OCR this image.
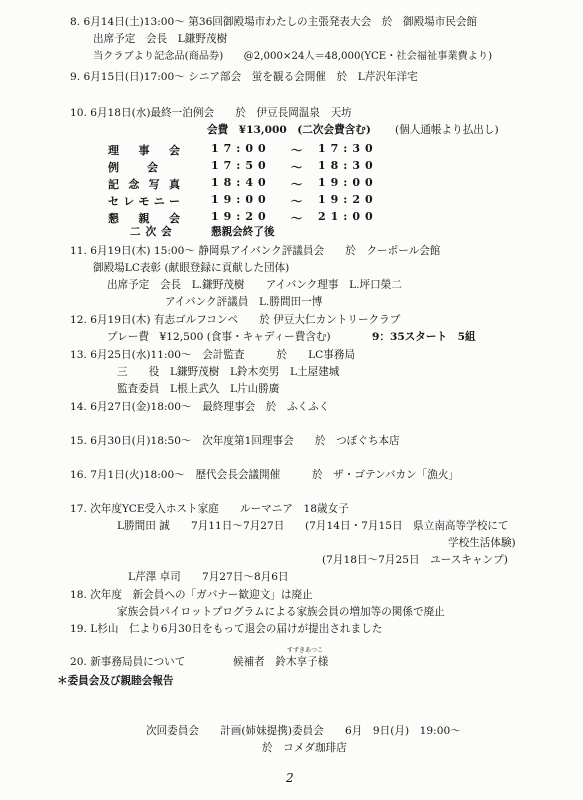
8. 6月14日(土)13:00～ 第36回御殿場市わたしの主張発表大会　於　御殿場市民会館
出席予定　会長　L鎌野茂樹
当クラブより記念品(商品券)　　@2,000×24人＝48,000(YCE・社会福祉事業費より)
9. 6月15日(日)17:00～ シニア部会　蛍を観る会開催　於　L芹沢年洋宅
10. 6月18日(水)最終一泊例会　　於　伊豆長岡温泉　天坊
会費　¥13,000　(二次会費含む) (個人通帳より払出し)
理事会	17:00	～ 17:30
例会	17:50	～ 18:30
記念写真	18:40	～ 19:00
セレモニー	19:00	～ 19:20
懇親会	19:20	～ 21:00
二次会	懇親会終了後
11. 6月19日(木) 15:00～ 静岡県アイバンク評議員会　　於　クーポール会館
御殿場LC表彰 (献眼登録に貢献した団体)
出席予定　会長　L.鎌野茂樹　　アイバンク理事　L.坪口榮二
アイバンク評議員　L.勝間田一博
12. 6月19日(木) 有志ゴルフコンペ　　於 伊豆大仁カントリークラブ
プレー費　¥12,500 (食事・キャディー費含む)	9：35スタート　5組
13. 6月25日(水)11:00～　会計監査　　　於　　LC事務局
三　　役　L鎌野茂樹　L鈴木奕男　L土屋建城
監査委員　L根上武久　L片山勝廣
14. 6月27日(金)18:00～　最終理事会　於　ふくふく
15. 6月30日(月)18:50～　次年度第1回理事会　　於　つぼぐち本店
16. 7月1日(火)18:00～　歴代会長会議開催　　　於　ザ・ゴテンバカン「漁火」
17. 次年度YCE受入ホスト家庭　　ルーマニア　18歳女子
L勝間田 誠　　7月11日～7月27日 (7月14日・7月15日　県立南高等学校にて
学校生活体験)
(7月18日～7月25日　ユースキャンプ)
L芹澤 卓司　　7月27日～8月6日
18. 次年度　新会員への「ガバナー歓迎文」は廃止
家族会員パイロットプログラムによる家族会員の増加等の関係で廃止
19. L杉山　仁より6月30日をもって退会の届けが提出されました
20. 新事務局員について	候補者　鈴木享子様
すずきあつこ
＊委員会及び親睦会報告
次回委員会　　計画(姉妹提携)委員会　　6月　9日(月)　19:00～
於　コメダ珈琲店
2
